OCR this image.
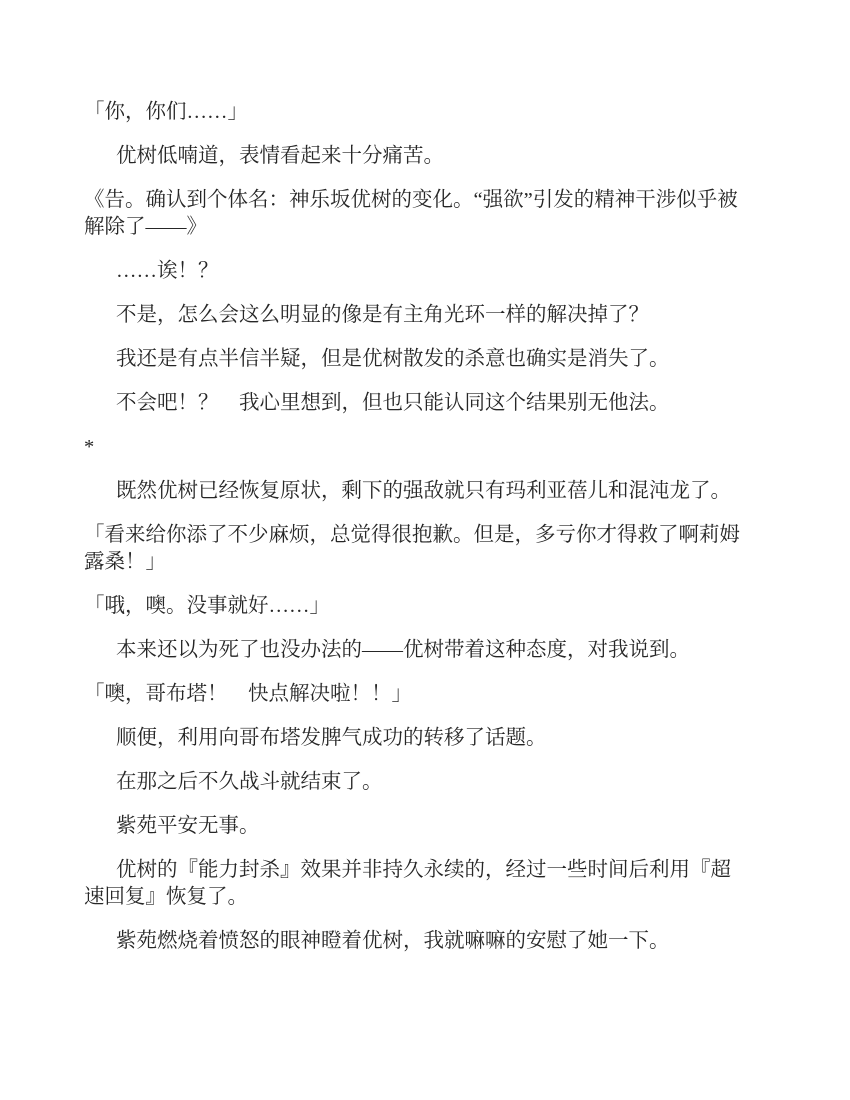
「你，你们……」

优树低喃道，表情看起来十分痛苦。

《告。确认到个体名：神乐坂优树的变化。“强欲”引发的精神干涉似乎被解除了——》

……诶！？

不是，怎么会这么明显的像是有主角光环一样的解决掉了？

我还是有点半信半疑，但是优树散发的杀意也确实是消失了。

不会吧！？　我心里想到，但也只能认同这个结果别无他法。

*

既然优树已经恢复原状，剩下的强敌就只有玛利亚蓓儿和混沌龙了。

「看来给你添了不少麻烦，总觉得很抱歉。但是，多亏你才得救了啊莉姆露桑！」

「哦，噢。没事就好……」

本来还以为死了也没办法的——优树带着这种态度，对我说到。

「噢，哥布塔！　快点解决啦！！」

顺便，利用向哥布塔发脾气成功的转移了话题。

在那之后不久战斗就结束了。

紫苑平安无事。

优树的『能力封杀』效果并非持久永续的，经过一些时间后利用『超速回复』恢复了。

紫苑燃烧着愤怒的眼神瞪着优树，我就嘛嘛的安慰了她一下。
